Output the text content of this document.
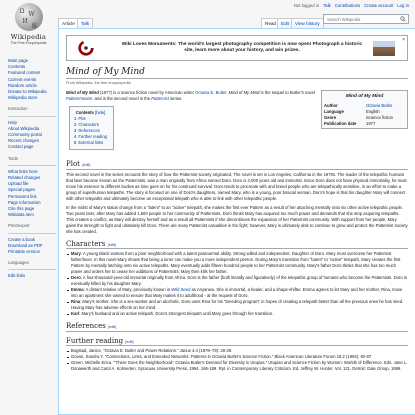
Ω W
И
維
Wikipedia
The Free Encyclopedia
Not logged in Talk Contributions Create account Log in
Article	Talk	Read	Edit	View history
Search Wikipedia
Main page
Contents
Featured content
Current events
Random article
Donate to Wikipedia
Wikipedia store
Interaction
Help
About Wikipedia
Community portal
Recent changes
Contact page
Tools
What links here
Related changes
Upload file
Special pages
Permanent link
Page information
Cite this page
Wikidata item
Print/export
Create a book
Download as PDF
Printable version
Languages
Edit links
Wiki Loves Monuments: The world's largest photography competition is now open! Photograph a historic site, learn more about your history, and win prizes.
×
Mind of My Mind
From Wikipedia, the free encyclopedia
Mind of My Mind
Author	Octavia Butler
Language	English
Genre	Science fiction
Publication date	1977

Mind of My Mind (1977) is a science fiction novel by American writer Octavia E. Butler. Mind of My Mind is the sequel to Butler's novel Patternmaster, and is the second novel in the Patternist series.

Contents [hide]
1 Plot
2 Characters
3 References
4 Further reading
5 External links
Plot [edit]

This second novel in the series recounts the story of how the Patternist society originated. The novel is set in Los Angeles, California in the 1970s. The leader of the telepathic humans that later became known as the Patternists, was a man originally from Africa named Doro. Doro is 4,000 years old and immortal. Since Doro does not have physical immortality, he must move his essence to different bodies as time goes on for his continued survival. Doro tends to procreate with and breed people who are telepathically sensitive, in an effort to make a group of superhuman telepaths. The story is focused on one of Doro's daughters, named Mary, who is a young, poor biracial woman. Doro's hope is that his daughter Mary will connect with other telepaths and ultimately become an exceptional telepath who is able to link with other telepathic people.

In the midst of Mary's status change from a "latent" to an "active" telepath, she makes the first ever Pattern as a result of her attaching mentally onto six other active telepathic people. Two years later, after Mary has added 1,500 people to her community of Patternists, Doro thinks Mary has acquired too much power and demands that she stop acquiring telepaths. This creates a conflict, as Mary will destroy herself and as a result all Patternists if she discontinues the expansion of her Patternist community. With support from her people, Mary gains the strength to fight and ultimately kill Doro. There are many Patternist casualties in the fight; however, Mary is ultimately able to continue to grow and protect the Patternist society she has created.

Characters [edit]
Mary: A young Black woman from a poor neighborhood with a latent paranormal ability. Strong willed and independent. Daughter of Doro. Mary must overcome her Patternist father/lover. In this novel Mary shows that being a loner can make you a more independent person. During Mary's transition from "latent" to "active" telepath, Mary creates the first Pattern by mentally latching onto six active telepaths. Mary eventually adds fifteen hundred people to her Patternist community. Mary's father Doro thinks that she has too much power and orders her to cease her additions of Patternists; Mary then kills her father.
Doro: A four-thousand-year-old immortal originally from Africa. Doro is the father (both literally and figuratively) of the telepathic group of humans who become the Patternists. Doro is eventually killed by his daughter Mary.
Emma: A distant relative of Mary, previously known in Wild Seed as Anyanwu. She is immortal, a healer, and a shape-shifter. Emma agrees to let Mary and her mother, Rina, move into an apartment she owned to ensure that Mary makes it to adulthood - at the request of Doro.
Rina: Mary's mother. She is a sex-worker and an alcoholic. Doro uses Rina for his "breeding program" in hopes of creating a telepath better than all the previous ones he has sired. Having Mary has adverse effects on her mind.
Karl: Mary's husband and an active telepath. Doro's strongest telepath until Mary goes through her transition.
References [edit]
Further reading [edit]
Bogstad, Janice. "Octavia E. Butler and Power Relations." Janus 4.4 (1978–79): 28-29.
Govan, Sandra Y. "Connections, Links, and Extended Networks: Patterns in Octavia Butler's Science Fiction." Black American Literature Forum 18.2 (1984): 82-87.
Green, Michelle Erica. "'There Goes the Neighborhood': Octavia Butler's Demand for Diversity in Utopias." Utopian and Science Fiction by Women: Worlds of Difference. Eds. Jane L. Donawerth and Carol A. Kolmerten. Syracuse University Press, 1994. 166-189. Rpt. in Contemporary Literary Criticism. Ed. Jeffrey W. Hunter. Vol. 121. Detroit: Gale Group, 1999.
